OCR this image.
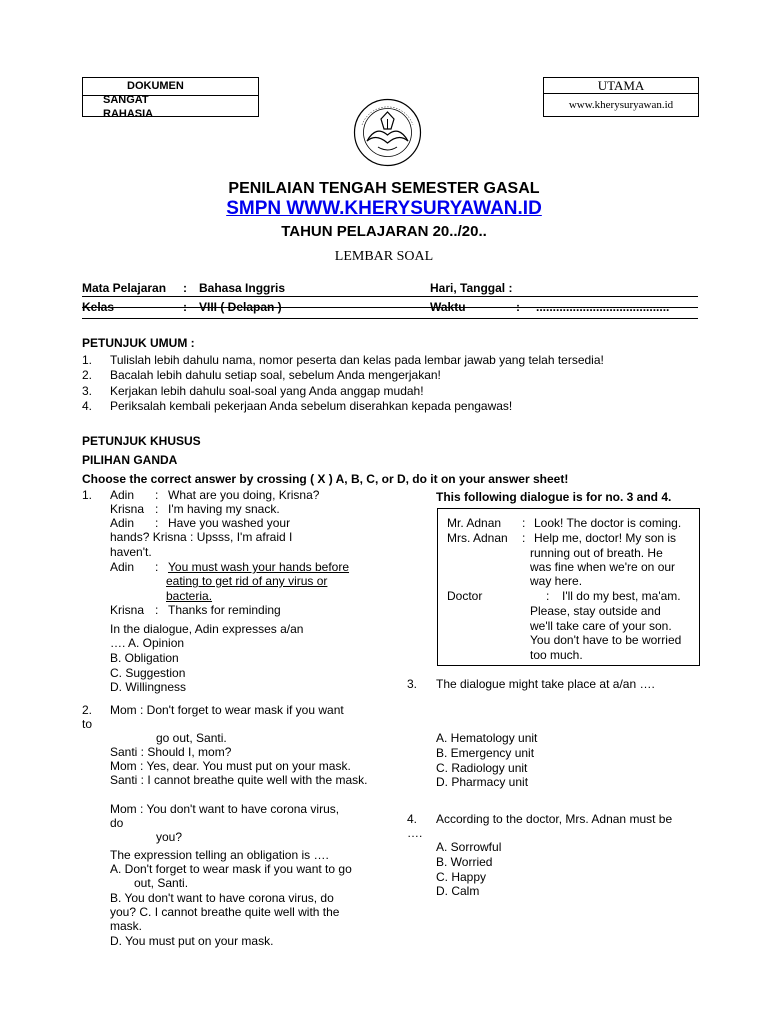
DOKUMEN
SANGAT
RAHASIA
UTAMA
www.kherysuryawan.id
PENILAIAN TENGAH SEMESTER GASAL
SMPN WWW.KHERYSURYAWAN.ID
TAHUN PELAJARAN 20../20..
LEMBAR SOAL
Mata Pelajaran : Bahasa Inggris	Hari, Tanggal :
Kelas	: VIII ( Delapan )	Waktu	: ........................................
PETUNJUK UMUM :
1. Tulislah lebih dahulu nama, nomor peserta dan kelas pada lembar jawab yang telah tersedia!
2. Bacalah lebih dahulu setiap soal, sebelum Anda mengerjakan!
3. Kerjakan lebih dahulu soal-soal yang Anda anggap mudah!
4. Periksalah kembali pekerjaan Anda sebelum diserahkan kepada pengawas!
PETUNJUK KHUSUS
PILIHAN GANDA
Choose the correct answer by crossing ( X ) A, B, C, or D, do it on your answer sheet!
1. Adin : What are you doing, Krisna?
Krisna : I'm having my snack.
Adin : Have you washed your
hands? Krisna : Upsss, I'm afraid I
haven't.
Adin : You must wash your hands before
eating to get rid of any virus or
bacteria.
Krisna : Thanks for reminding
In the dialogue, Adin expresses a/an
…. A. Opinion
B. Obligation
C. Suggestion
D. Willingness
2. Mom : Don't forget to wear mask if you want
to
go out, Santi.
Santi : Should I, mom?
Mom : Yes, dear. You must put on your mask.
Santi : I cannot breathe quite well with the mask.
Mom : You don't want to have corona virus,
do
you?
The expression telling an obligation is ….
A. Don't forget to wear mask if you want to go
out, Santi.
B. You don't want to have corona virus, do
you? C. I cannot breathe quite well with the
mask.
D. You must put on your mask.
This following dialogue is for no. 3 and 4.
Mr. Adnan : Look! The doctor is coming.
Mrs. Adnan : Help me, doctor! My son is
running out of breath. He
was fine when we're on our
way here.
Doctor	: I'll do my best, ma'am.
Please, stay outside and
we'll take care of your son.
You don't have to be worried
too much.
3. The dialogue might take place at a/an ….
A. Hematology unit
B. Emergency unit
C. Radiology unit
D. Pharmacy unit
4. According to the doctor, Mrs. Adnan must be
….
A. Sorrowful
B. Worried
C. Happy
D. Calm
